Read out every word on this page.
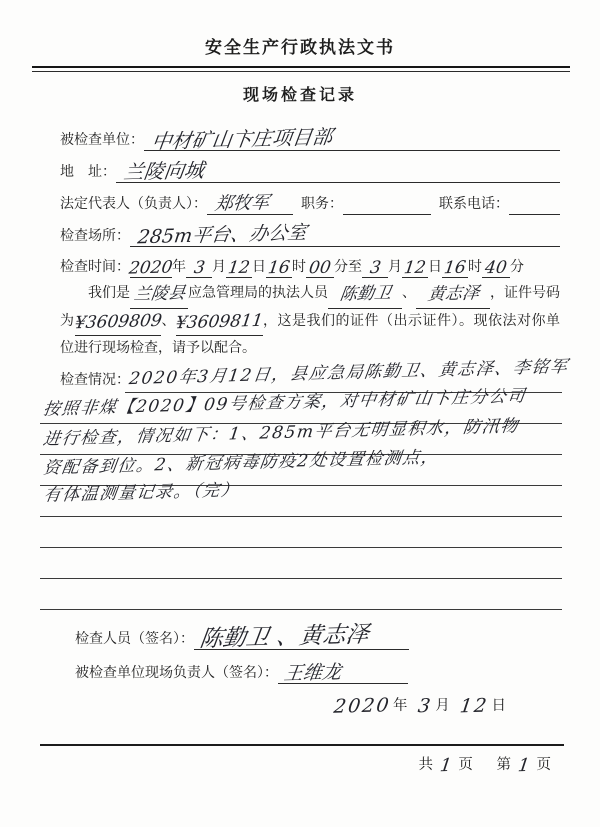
安全生产行政执法文书
现场检查记录
被检查单位： 中材矿山卞庄项目部
地　址： 兰陵向城
法定代表人（负责人）： 郑牧军 职务：	联系电话：
检查场所： 285m平台、办公室
检查时间：
2020
年 3 月 12 日 16 时 00 分至 3 月 12 日 16 时 40 分
我们是 兰陵县 应急管理局的执法人员 陈勤卫 、 黄志泽 ，证件号码为¥3609809、¥3609811，这是我们的证件（出示证件）。现依法对你单位进行现场检查，请予以配合。
检查情况：
2020年3月12日，县应急局陈勤卫、黄志泽、李铭军
按照非煤【2020】09号检查方案，对中材矿山卞庄分公司
进行检查，情况如下：1、285m平台无明显积水，防汛物
资配备到位。2、新冠病毒防疫2处设置检测点，
有体温测量记录。（完）
检查人员（签名）： 陈勤卫 、黄志泽
被检查单位现场负责人（签名）： 王维龙
2020年 3月 12日
共1页 第1页
